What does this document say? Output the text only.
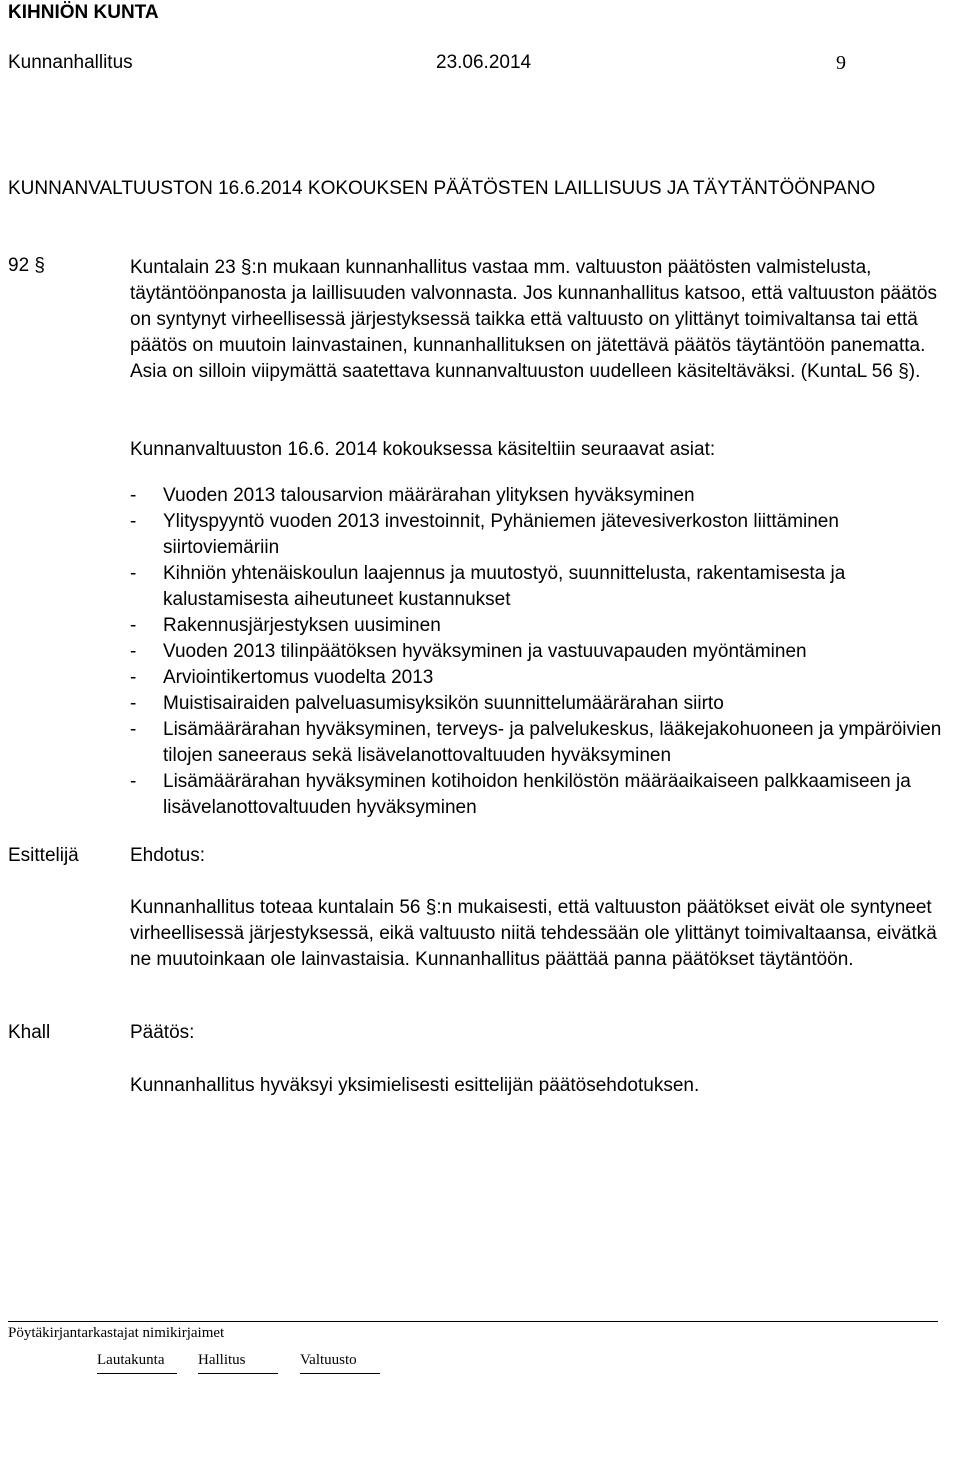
KIHNIÖN KUNTA
Kunnanhallitus	23.06.2014	9
KUNNANVALTUUSTON 16.6.2014 KOKOUKSEN PÄÄTÖSTEN LAILLISUUS JA TÄYTÄNTÖÖNPANO
92 §	Kuntalain 23 §:n mukaan kunnanhallitus vastaa mm. valtuuston päätösten valmistelusta, täytäntöönpanosta ja laillisuuden valvonnasta. Jos kunnanhallitus katsoo, että valtuuston päätös on syntynyt virheellisessä järjestyksessä taikka että valtuusto on ylittänyt toimivaltansa tai että päätös on muutoin lainvastainen, kunnanhallituksen on jätettävä päätös täytäntöön panematta. Asia on silloin viipymättä saatettava kunnanvaltuuston uudelleen käsiteltäväksi. (KuntaL 56 §).
Kunnanvaltuuston 16.6. 2014 kokouksessa käsiteltiin seuraavat asiat:
- Vuoden 2013 talousarvion määrärahan ylityksen hyväksyminen
- Ylityspyyntö vuoden 2013 investoinnit, Pyhäniemen jätevesiverkoston liittäminen siirtoviemäriin
- Kihniön yhtenäiskoulun laajennus ja muutostyö, suunnittelusta, rakentamisesta ja kalustamisesta aiheutuneet kustannukset
- Rakennusjärjestyksen uusiminen
- Vuoden 2013 tilinpäätöksen hyväksyminen ja vastuuvapauden myöntäminen
- Arviointikertomus vuodelta 2013
- Muistisairaiden palveluasumisyksikön suunnittelumäärärahan siirto
- Lisämäärärahan hyväksyminen, terveys- ja palvelukeskus, lääkejakohuoneen ja ympäröivien tilojen saneeraus sekä lisävelanottovaltuuden hyväksyminen
- Lisämäärärahan hyväksyminen kotihoidon henkilöstön määräaikaiseen palkkaamiseen ja lisävelanottovaltuuden hyväksyminen
Esittelijä	Ehdotus:
Kunnanhallitus toteaa kuntalain 56 §:n mukaisesti, että valtuuston päätökset eivät ole syntyneet virheellisessä järjestyksessä, eikä valtuusto niitä tehdessään ole ylittänyt toimivaltaansa, eivätkä ne muutoinkaan ole lainvastaisia. Kunnanhallitus päättää panna päätökset täytäntöön.
Khall	Päätös:
Kunnanhallitus hyväksyi yksimielisesti esittelijän päätösehdotuksen.
Pöytäkirjantarkastajat nimikirjaimet
Lautakunta Hallitus	Valtuusto
